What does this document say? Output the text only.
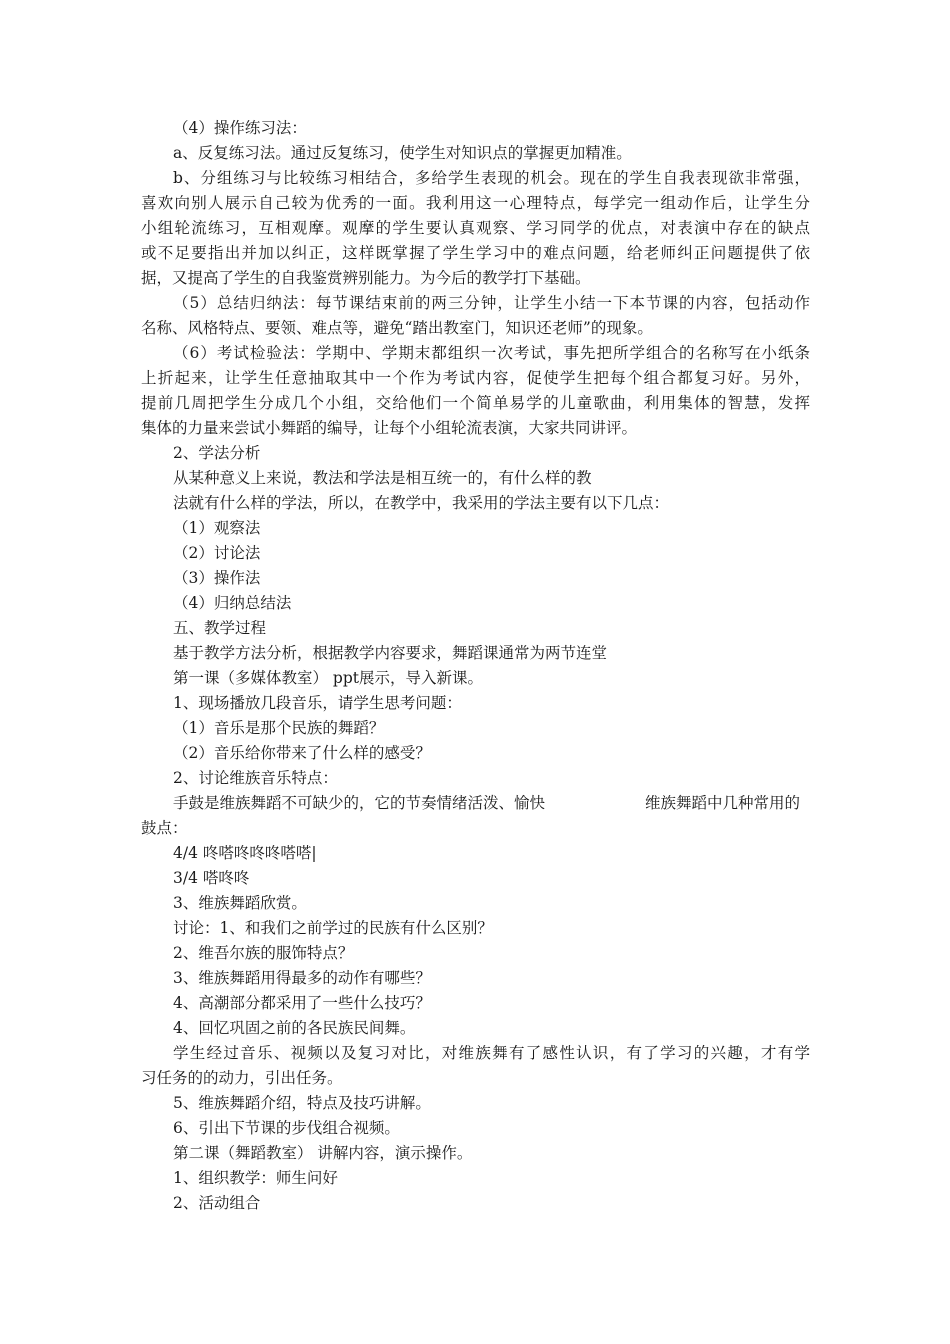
（4）操作练习法：
a、反复练习法。通过反复练习，使学生对知识点的掌握更加精准。
b、分组练习与比较练习相结合，多给学生表现的机会。现在的学生自我表现欲非常强，
喜欢向别人展示自己较为优秀的一面。我利用这一心理特点，每学完一组动作后，让学生分
小组轮流练习，互相观摩。观摩的学生要认真观察、学习同学的优点，对表演中存在的缺点
或不足要指出并加以纠正，这样既掌握了学生学习中的难点问题，给老师纠正问题提供了依
据，又提高了学生的自我鉴赏辨别能力。为今后的教学打下基础。
（5）总结归纳法：每节课结束前的两三分钟，让学生小结一下本节课的内容，包括动作
名称、风格特点、要领、难点等，避免“踏出教室门，知识还老师”的现象。
（6）考试检验法：学期中、学期末都组织一次考试，事先把所学组合的名称写在小纸条
上折起来，让学生任意抽取其中一个作为考试内容，促使学生把每个组合都复习好。另外，
提前几周把学生分成几个小组，交给他们一个简单易学的儿童歌曲，利用集体的智慧，发挥
集体的力量来尝试小舞蹈的编导，让每个小组轮流表演，大家共同讲评。
2、学法分析
从某种意义上来说，教法和学法是相互统一的，有什么样的教
法就有什么样的学法，所以，在教学中，我采用的学法主要有以下几点：
（1）观察法
（2）讨论法
（3）操作法
（4）归纳总结法
五、教学过程
基于教学方法分析，根据教学内容要求，舞蹈课通常为两节连堂
第一课（多媒体教室） ppt展示，导入新课。
1、现场播放几段音乐，请学生思考问题：
（1）音乐是那个民族的舞蹈？
（2）音乐给你带来了什么样的感受？
2、讨论维族音乐特点：
手鼓是维族舞蹈不可缺少的，它的节奏情绪活泼、愉快	维族舞蹈中几种常用的
鼓点：
4/4 咚嗒咚咚咚嗒嗒|
3/4 嗒咚咚
3、维族舞蹈欣赏。
讨论：1、和我们之前学过的民族有什么区别？
2、维吾尔族的服饰特点？
3、维族舞蹈用得最多的动作有哪些？
4、高潮部分都采用了一些什么技巧？
4、回忆巩固之前的各民族民间舞。
学生经过音乐、视频以及复习对比，对维族舞有了感性认识，有了学习的兴趣，才有学
习任务的的动力，引出任务。
5、维族舞蹈介绍，特点及技巧讲解。
6、引出下节课的步伐组合视频。
第二课（舞蹈教室） 讲解内容，演示操作。
1、组织教学：师生问好
2、活动组合
